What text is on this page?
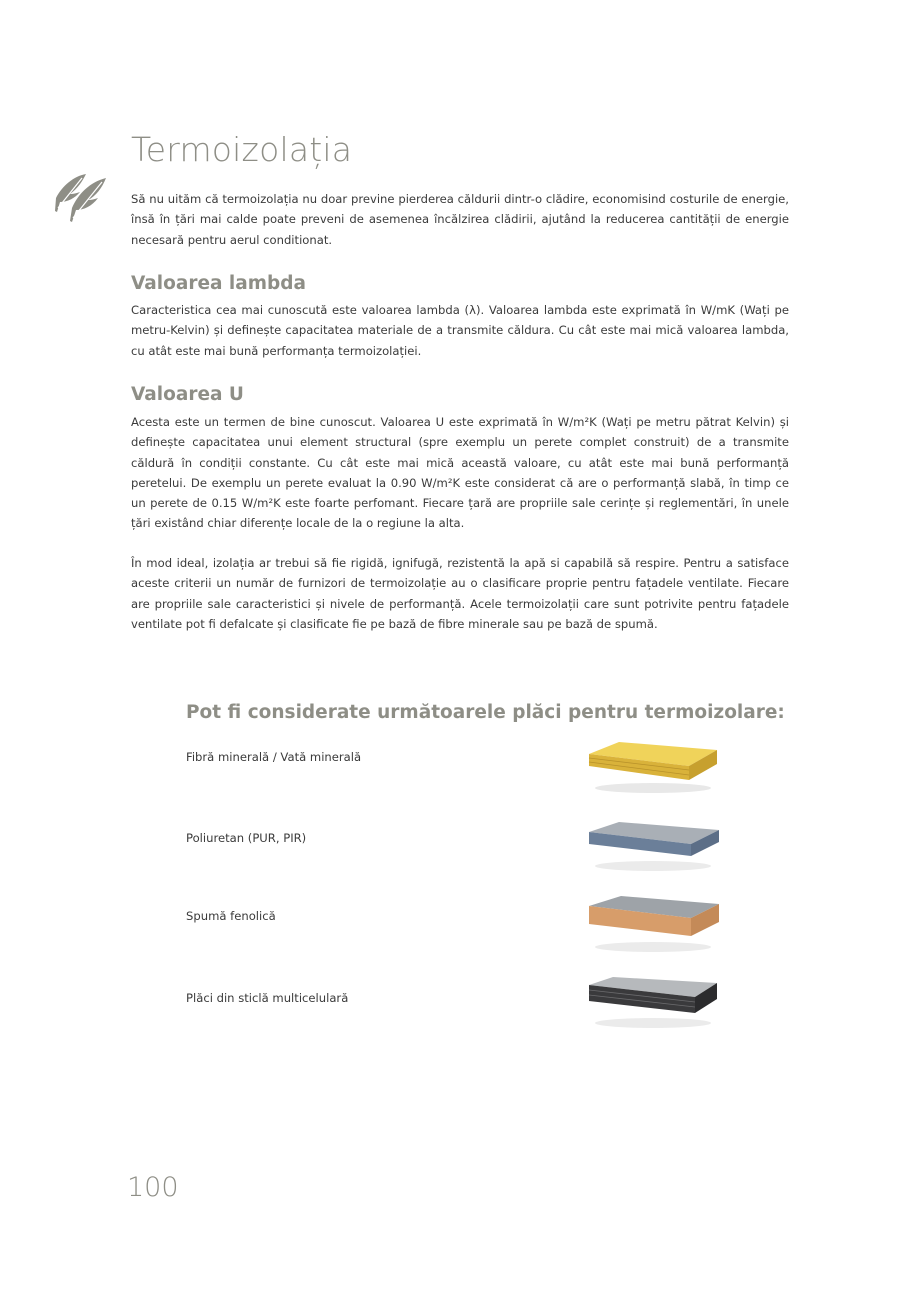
Termoizolația

Să nu uităm că termoizolația nu doar previne pierderea căldurii dintr-o clădire, economisind costurile de energie, însă în țări mai calde poate preveni de asemenea încălzirea clădirii, ajutând la reducerea cantității de energie necesară pentru aerul conditionat.

Valoarea lambda

Caracteristica cea mai cunoscută este valoarea lambda (λ). Valoarea lambda este exprimată în W/mK (Wați pe metru-Kelvin) și definește capacitatea materiale de a transmite căldura. Cu cât este mai mică valoarea lambda, cu atât este mai bună performanța termoizolației.

Valoarea U

Acesta este un termen de bine cunoscut. Valoarea U este exprimată în W/m²K (Wați pe metru pătrat Kelvin) și definește capacitatea unui element structural (spre exemplu un perete complet construit) de a transmite căldură în condiții constante. Cu cât este mai mică această valoare, cu atât este mai bună performanță peretelui. De exemplu un perete evaluat la 0.90 W/m²K este considerat că are o performanță slabă, în timp ce un perete de 0.15 W/m²K este foarte perfomant. Fiecare țară are propriile sale cerințe și reglementări, în unele țări existând chiar diferențe locale de la o regiune la alta.

În mod ideal, izolația ar trebui să fie rigidă, ignifugă, rezistentă la apă si capabilă să respire. Pentru a satisface aceste criterii un număr de furnizori de termoizolație au o clasificare proprie pentru fațadele ventilate. Fiecare are propriile sale caracteristici și nivele de performanță. Acele termoizolații care sunt potrivite pentru fațadele ventilate pot fi defalcate și clasificate fie pe bază de fibre minerale sau pe bază de spumă.

Pot fi considerate următoarele plăci pentru termoizolare:
Fibră minerală / Vată minerală
Poliuretan (PUR, PIR)
Spumă fenolică
Plăci din sticlă multicelulară
100
